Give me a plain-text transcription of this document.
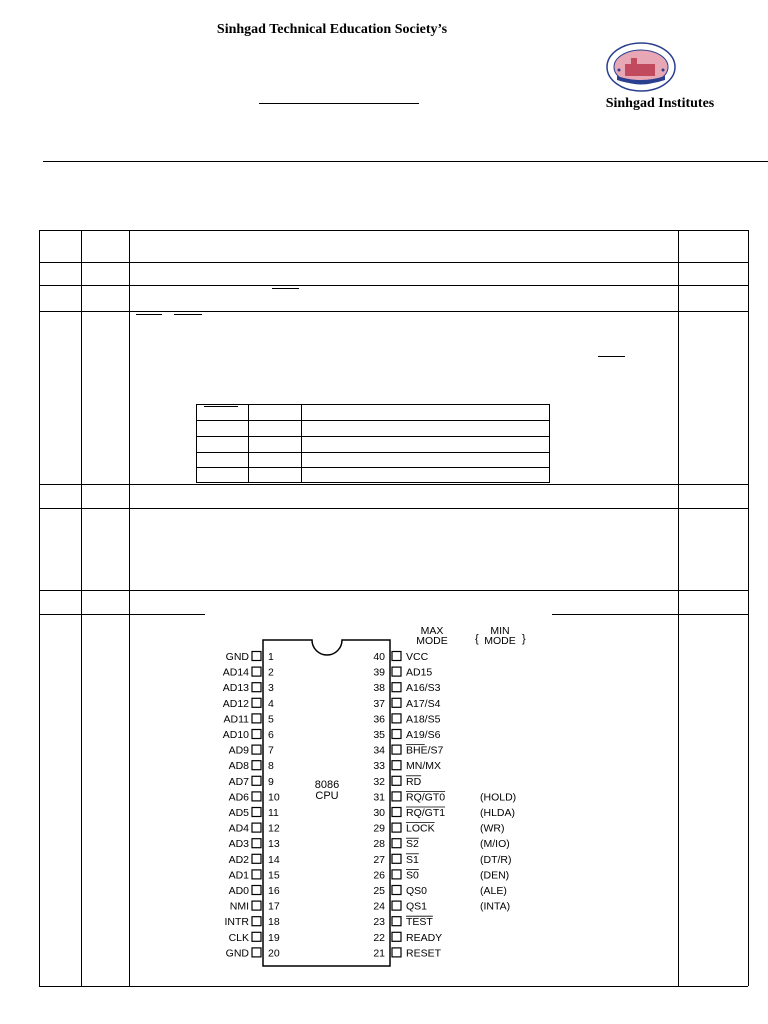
Sinhgad Technical Education Society’s
Sinhgad Institutes
8086
CPU
MAX
MODE {
MIN
MODE }
GND 1
AD14 2
AD13 3
AD12 4
AD11 5
AD10 6
AD9 7
AD8 8
AD7 9
AD6 10
AD5 11
AD4 12
AD3 13
AD2 14
AD1 15
AD0 16
NMI 17
INTR 18
CLK 19
GND 20
40 VCC
39 AD15
38 A16/S3
37 A17/S4
36 A18/S5
35 A19/S6
34 BHE/S7
33 MN/MX
32 RD
31 RQ/GT0	(HOLD)
30 RQ/GT1	(HLDA)
29 LOCK	(WR)
28 S2	(M/IO)
27 S1	(DT/R)
26 S0	(DEN)
25 QS0	(ALE)
24 QS1	(INTA)
23 TEST
22 READY
21 RESET
